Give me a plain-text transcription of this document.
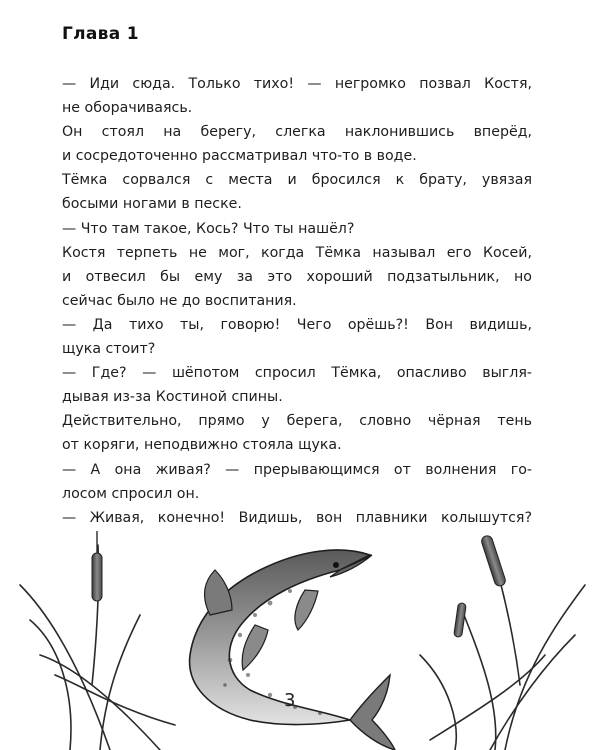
Глава 1
— Иди сюда. Только тихо! — негромко позвал Костя,
не оборачиваясь.
Он стоял на берегу, слегка наклонившись вперёд,
и сосредоточенно рассматривал что-то в воде.
Тёмка сорвался с места и бросился к брату, увязая
босыми ногами в песке.
— Что там такое, Кось? Что ты нашёл?
Костя терпеть не мог, когда Тёмка называл его Косей,
и отвесил бы ему за это хороший подзатыльник, но
сейчас было не до воспитания.
— Да тихо ты, говорю! Чего орёшь?! Вон видишь,
щука стоит?
— Где? — шёпотом спросил Тёмка, опасливо выгля-
дывая из-за Костиной спины.
Действительно, прямо у берега, словно чёрная тень
от коряги, неподвижно стояла щука.
— А она живая? — прерывающимся от волнения го-
лосом спросил он.
— Живая, конечно! Видишь, вон плавники колышутся?
3
